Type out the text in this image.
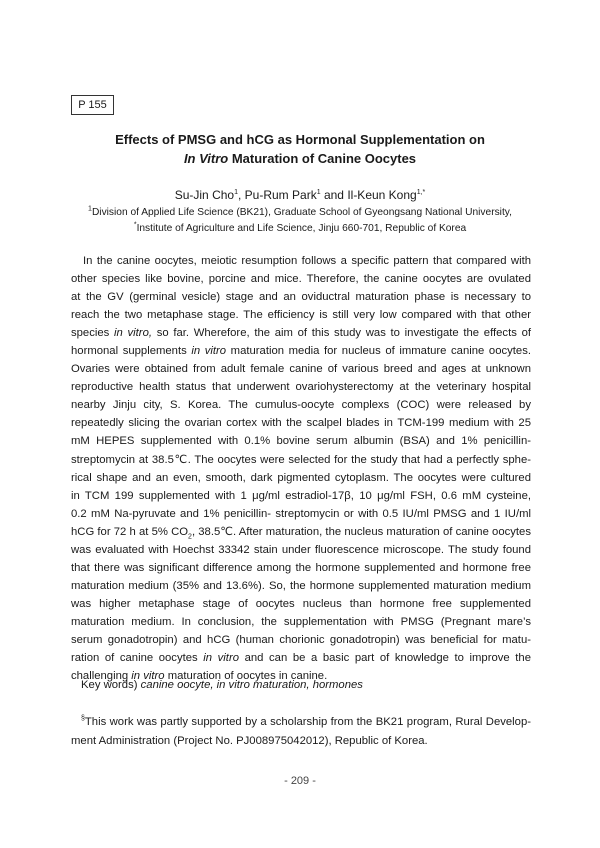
P 155
Effects of PMSG and hCG as Hormonal Supplementation on
In Vitro Maturation of Canine Oocytes
Su-Jin Cho$^1$, Pu-Rum Park$^1$ and Il-Keun Kong$^{1,*}$
$^1$Division of Applied Life Science (BK21), Graduate School of Gyeongsang National University,
*Institute of Agriculture and Life Science, Jinju 660-701, Republic of Korea
In the canine oocytes, meiotic resumption follows a specific pattern that compared with
other species like bovine, porcine and mice. Therefore, the canine oocytes are ovulated
at the GV (germinal vesicle) stage and an oviductral maturation phase is necessary to
reach the two metaphase stage. The efficiency is still very low compared with that other
species in vitro, so far. Wherefore, the aim of this study was to investigate the effects of
hormonal supplements in vitro maturation media for nucleus of immature canine oocytes.
Ovaries were obtained from adult female canine of various breed and ages at unknown
reproductive health status that underwent ovariohysterectomy at the veterinary hospital
nearby Jinju city, S. Korea. The cumulus-oocyte complexs (COC) were released by
repeatedly slicing the ovarian cortex with the scalpel blades in TCM-199 medium with 25
mM HEPES supplemented with 0.1% bovine serum albumin (BSA) and 1% penicillin-
streptomycin at 38.5℃. The oocytes were selected for the study that had a perfectly sphe-
rical shape and an even, smooth, dark pigmented cytoplasm. The oocytes were cultured
in TCM 199 supplemented with 1 μg/ml estradiol-17β, 10 μg/ml FSH, 0.6 mM cysteine,
0.2 mM Na-pyruvate and 1% penicillin- streptomycin or with 0.5 IU/ml PMSG and 1 IU/ml
hCG for 72 h at 5% $CO_2$, 38.5℃. After maturation, the nucleus maturation of canine oocytes
was evaluated with Hoechst 33342 stain under fluorescence microscope. The study found
that there was significant difference among the hormone supplemented and hormone free
maturation medium (35% and 13.6%). So, the hormone supplemented maturation medium
was higher metaphase stage of oocytes nucleus than hormone free supplemented
maturation medium. In conclusion, the supplementation with PMSG (Pregnant mare’s
serum gonadotropin) and hCG (human chorionic gonadotropin) was beneficial for matu-
ration of canine oocytes in vitro and can be a basic part of knowledge to improve the
challenging in vitro maturation of oocytes in canine.
Key words) canine oocyte, in vitro maturation, hormones
§This work was partly supported by a scholarship from the BK21 program, Rural Develop-
ment Administration (Project No. PJ008975042012), Republic of Korea.
- 209 -
